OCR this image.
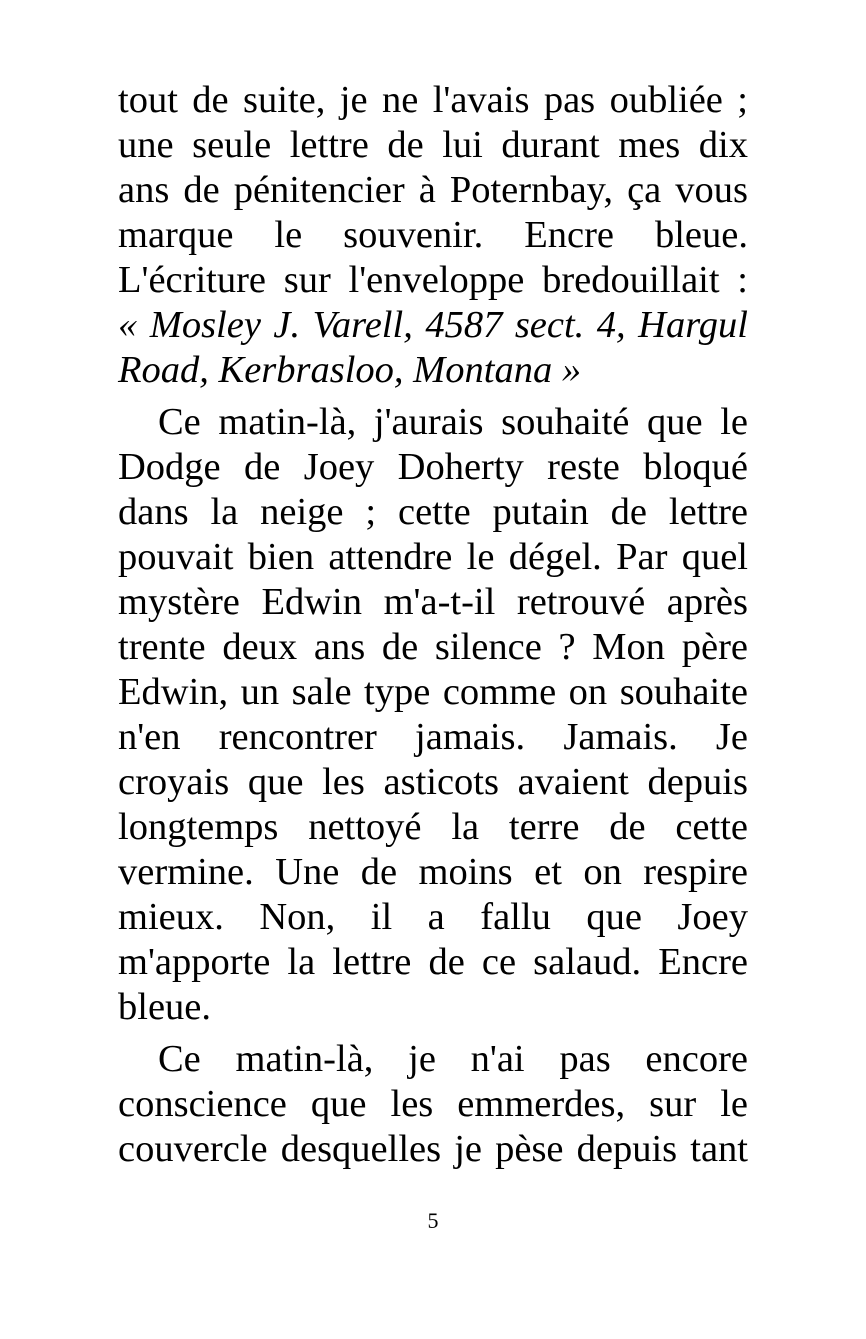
tout de suite, je ne l'avais pas oubliée ;
une seule lettre de lui durant mes dix
ans de pénitencier à Poternbay, ça vous
marque le souvenir. Encre bleue.
L'écriture sur l'enveloppe bredouillait :
« Mosley J. Varell, 4587 sect. 4, Hargul
Road, Kerbrasloo, Montana »
Ce matin-là, j'aurais souhaité que le
Dodge de Joey Doherty reste bloqué
dans la neige ; cette putain de lettre
pouvait bien attendre le dégel. Par quel
mystère Edwin m'a-t-il retrouvé après
trente deux ans de silence ? Mon père
Edwin, un sale type comme on souhaite
n'en rencontrer jamais. Jamais. Je
croyais que les asticots avaient depuis
longtemps nettoyé la terre de cette
vermine. Une de moins et on respire
mieux. Non, il a fallu que Joey
m'apporte la lettre de ce salaud. Encre
bleue.
Ce matin-là, je n'ai pas encore
conscience que les emmerdes, sur le
couvercle desquelles je pèse depuis tant
5
